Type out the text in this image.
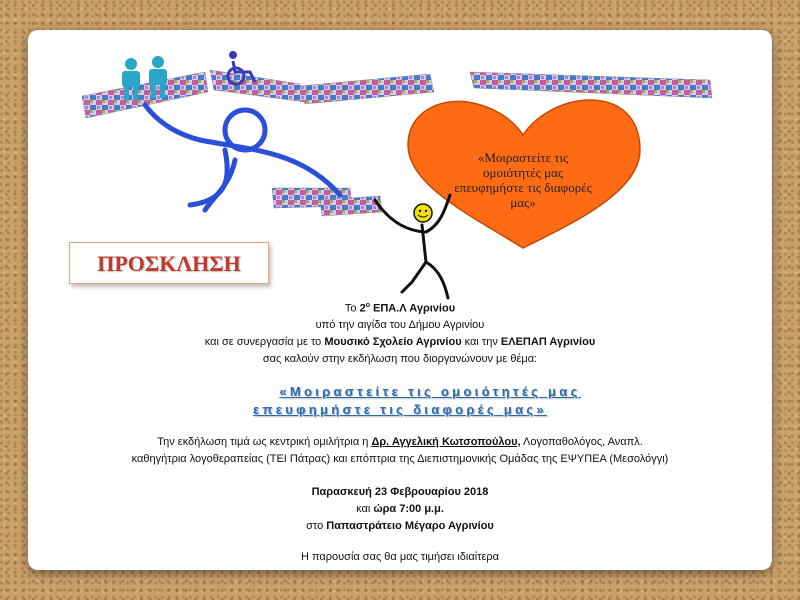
«Μοιραστείτε τις ομοιότητές μας επευφημήστε τις διαφορές μας»
ΠΡΟΣΚΛΗΣΗ
Το $2^o$ ΕΠΑ.Λ Αγρινίου
υπό την αιγίδα του Δήμου Αγρινίου
και σε συνεργασία με το Μουσικό Σχολείο Αγρινίου και την ΕΛΕΠΑΠ Αγρινίου
σας καλούν στην εκδήλωση που διοργανώνουν με θέμα:
«Μοιραστείτε τις ομοιότητές μας
επευφημήστε τις διαφορές μας»
Την εκδήλωση τιμά ως κεντρική ομιλήτρια η Δρ. Αγγελική Κωτσοπούλου, Λογοπαθολόγος, Αναπλ.
καθηγήτρια λογοθεραπείας (ΤΕΙ Πάτρας) και επόπτρια της Διεπιστημονικής Ομάδας της ΕΨΥΠΕΑ (Μεσολόγγι)
Παρασκευή 23 Φεβρουαρίου 2018
και ώρα 7:00 μ.μ.
στο Παπαστράτειο Μέγαρο Αγρινίου
Η παρουσία σας θα μας τιμήσει ιδιαίτερα
